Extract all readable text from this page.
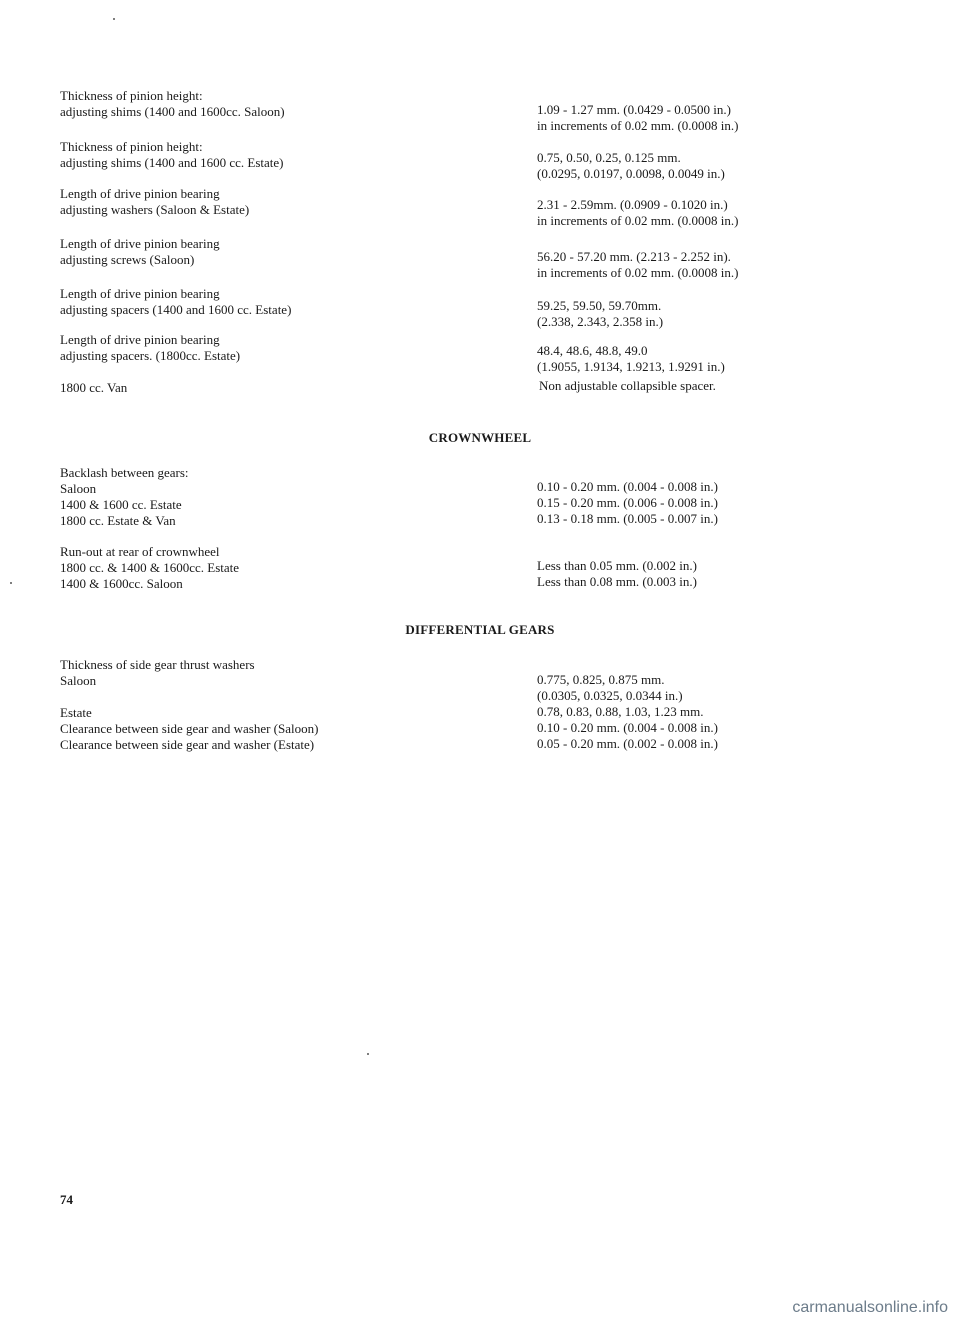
Thickness of pinion height:
adjusting shims (1400 and 1600cc. Saloon)
Thickness of pinion height:
adjusting shims (1400 and 1600 cc. Estate)
Length of drive pinion bearing
adjusting washers (Saloon & Estate)
Length of drive pinion bearing
adjusting screws (Saloon)
Length of drive pinion bearing
adjusting spacers (1400 and 1600 cc. Estate)
Length of drive pinion bearing
adjusting spacers. (1800cc. Estate)
1800 cc. Van
1.09 - 1.27 mm. (0.0429 - 0.0500 in.)
in increments of 0.02 mm. (0.0008 in.)
0.75, 0.50, 0.25, 0.125 mm.
(0.0295, 0.0197, 0.0098, 0.0049 in.)
2.31 - 2.59mm. (0.0909 - 0.1020 in.)
in increments of 0.02 mm. (0.0008 in.)
56.20 - 57.20 mm. (2.213 - 2.252 in).
in increments of 0.02 mm. (0.0008 in.)
59.25, 59.50, 59.70mm.
(2.338, 2.343, 2.358 in.)
48.4, 48.6, 48.8, 49.0
(1.9055, 1.9134, 1.9213, 1.9291 in.)
Non adjustable collapsible spacer.
CROWNWHEEL
Backlash between gears:
Saloon
1400 & 1600 cc. Estate
1800 cc. Estate & Van
0.10 - 0.20 mm. (0.004 - 0.008 in.)
0.15 - 0.20 mm. (0.006 - 0.008 in.)
0.13 - 0.18 mm. (0.005 - 0.007 in.)
Run-out at rear of crownwheel
1800 cc. & 1400 & 1600cc. Estate
1400 & 1600cc. Saloon
Less than 0.05 mm. (0.002 in.)
Less than 0.08 mm. (0.003 in.)
DIFFERENTIAL GEARS
Thickness of side gear thrust washers
Saloon

Estate
Clearance between side gear and washer (Saloon)
Clearance between side gear and washer (Estate)
0.775, 0.825, 0.875 mm.
(0.0305, 0.0325, 0.0344 in.)
0.78, 0.83, 0.88, 1.03, 1.23 mm.
0.10 - 0.20 mm. (0.004 - 0.008 in.)
0.05 - 0.20 mm. (0.002 - 0.008 in.)
74
carmanualsonline.info
